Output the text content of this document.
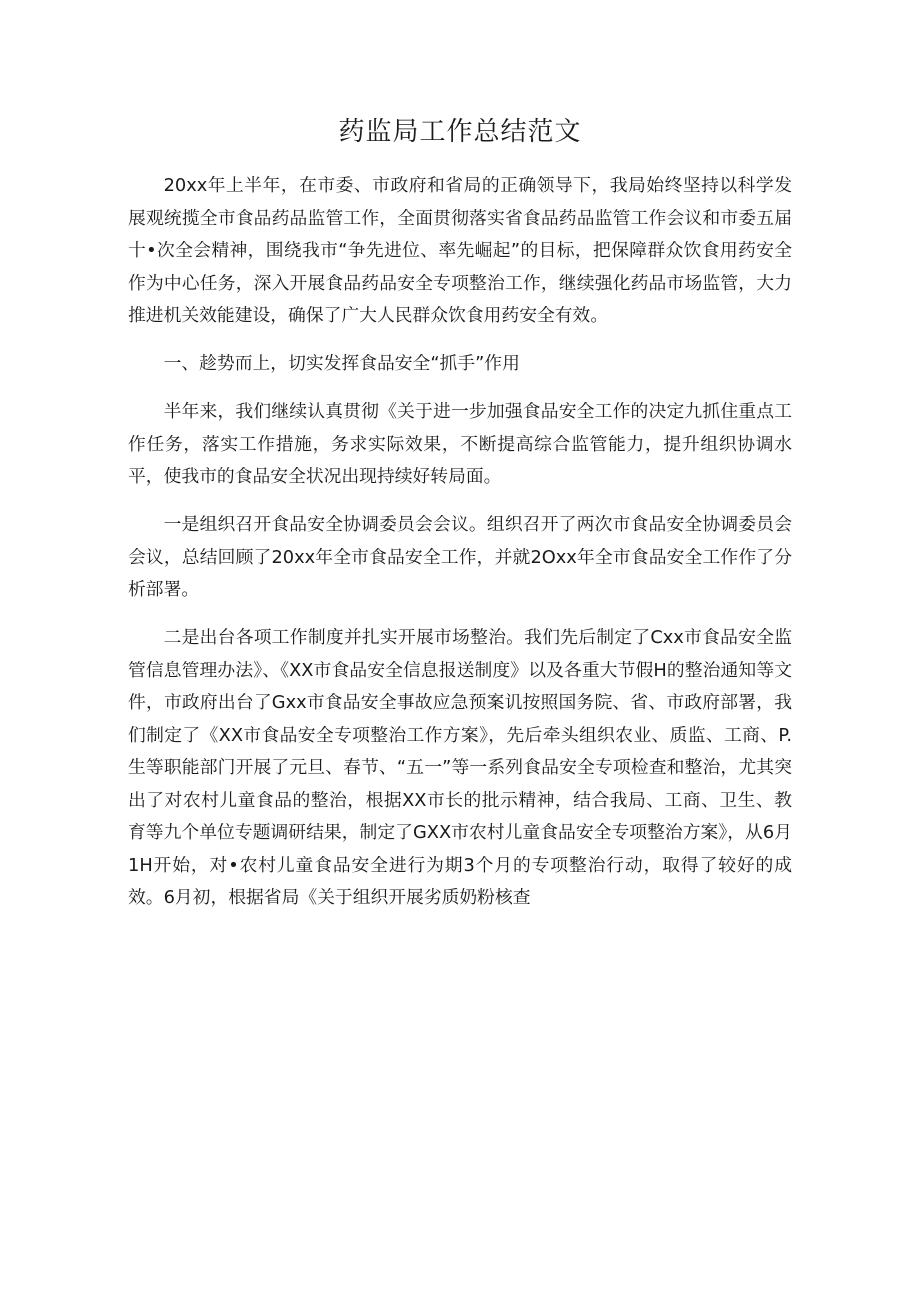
药监局工作总结范文

20xx年上半年，在市委、市政府和省局的正确领导下，我局始终坚持以科学发展观统揽全市食品药品监管工作，全面贯彻落实省食品药品监管工作会议和市委五届十•次全会精神，围绕我市“争先进位、率先崛起”的目标，把保障群众饮食用药安全作为中心任务，深入开展食品药品安全专项整治工作，继续强化药品市场监管，大力推进机关效能建设，确保了广大人民群众饮食用药安全有效。

一、趁势而上，切实发挥食品安全“抓手”作用

半年来，我们继续认真贯彻《关于进一步加强食品安全工作的决定九抓住重点工作任务，落实工作措施，务求实际效果，不断提高综合监管能力，提升组织协调水平，使我市的食品安全状况出现持续好转局面。

一是组织召开食品安全协调委员会会议。组织召开了两次市食品安全协调委员会会议，总结回顾了20xx年全市食品安全工作，并就2Oxx年全市食品安全工作作了分析部署。

二是出台各项工作制度并扎实开展市场整治。我们先后制定了Cxx市食品安全监管信息管理办法》、《XX市食品安全信息报送制度》以及各重大节假H的整治通知等文件，市政府出台了Gxx市食品安全事故应急预案讥按照国务院、省、市政府部署，我们制定了《XX市食品安全专项整治工作方案》，先后牵头组织农业、质监、工商、P.生等职能部门开展了元旦、春节、“五一”等一系列食品安全专项检查和整治，尤其突出了对农村儿童食品的整治，根据XX市长的批示精神，结合我局、工商、卫生、教育等九个单位专题调研结果，制定了GXX市农村儿童食品安全专项整治方案》，从6月1H开始，对•农村儿童食品安全进行为期3个月的专项整治行动，取得了较好的成效。6月初，根据省局《关于组织开展劣质奶粉核查
